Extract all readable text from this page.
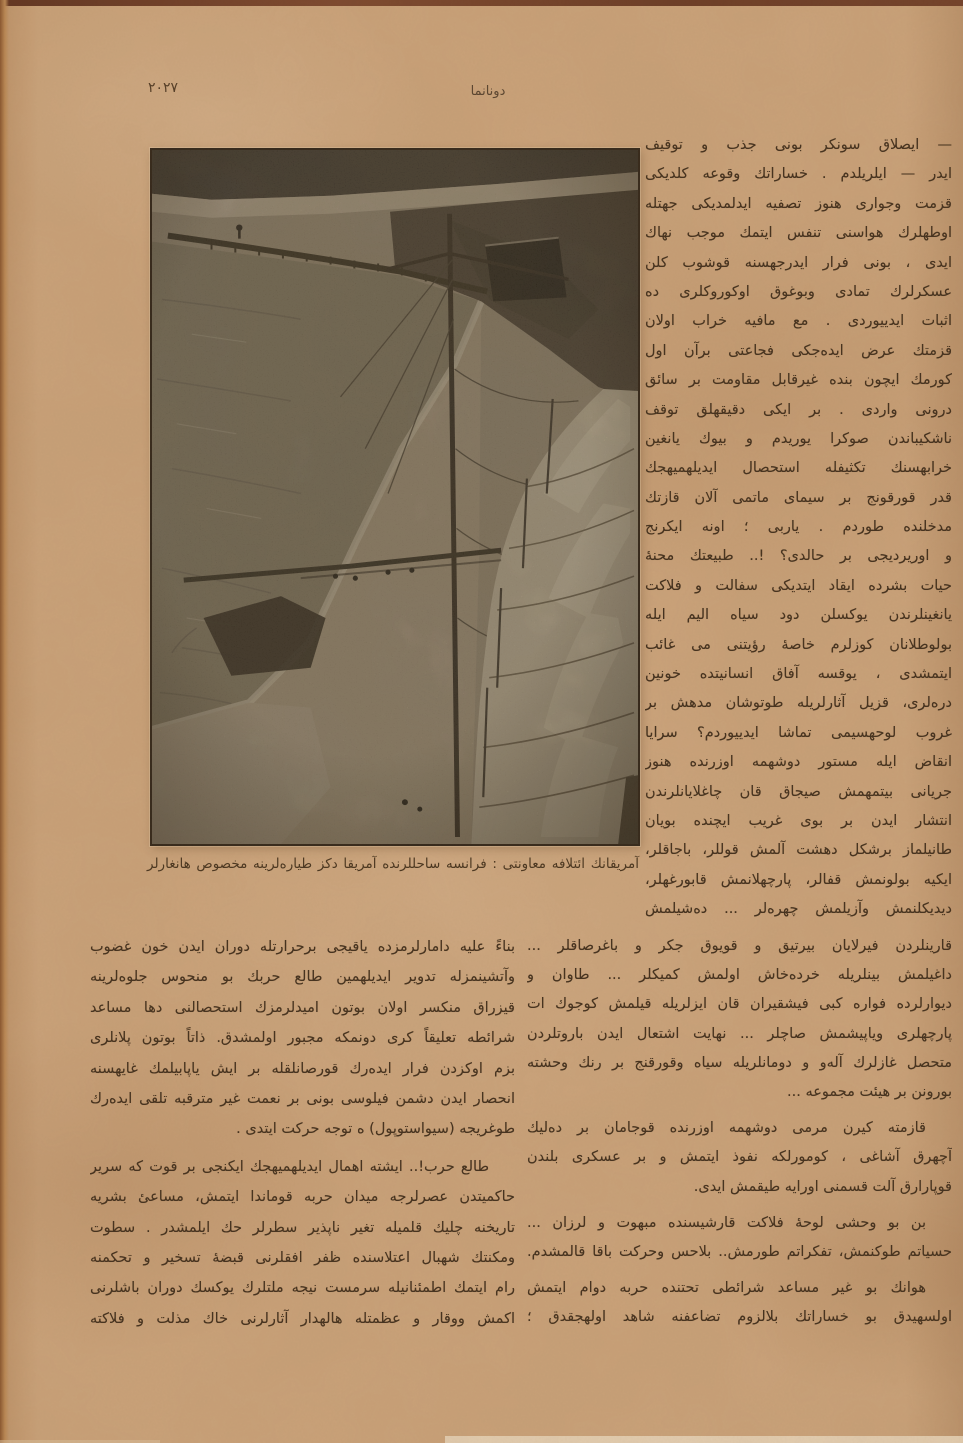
٢٠٢٧	دونانما
آمريقانك ائتلافه معاونتى : فرانسه ساحللرنده آمريقا دكز طيارەلرينه مخصوص هانغارلر
— ايصلاق سونكر بونى جذب و توقيف
ايدر — ايلريلدم . خساراتك وقوعه كلديكى
قزمت وجوارى هنوز تصفيه ايدلمديكى جهتله
اوطهلرك هواسنى تنفس ايتمك موجب نهاك
ايدى ، بونى فرار ايدرجهسنه قوشوب كلن
عسكرلرك تمادى وبوغوق اوكوروكلرى ده
اثبات ايدييوردى . مع مافيه خراب اولان
قزمتك عرض ايدەجكى فجاعتى برآن اول
كورمك ايچون بنده غيرقابل مقاومت بر سائق
درونى واردى . بر ايكى دقيقهلق توقف
ناشكيباندن صوكرا يوريدم و بيوك يانغين
خرابهسنك تكثيفله استحصال ايديلهميهجك
قدر قورقونج بر سيماى ماتمى آلان قازتك
مدخلنده طوردم . ياربى ؛ اونه ايكرنج
و اوريرديجى بر حالدى؟ !.. طبيعتك محنهٔ
حيات بشرده ايقاد ايتديكى سفالت و فلاكت
يانغينلرندن يوكسلن دود سياه اليم ايله
بولوطلانان كوزلرم خاصهٔ رؤيتنى مى غائب
ايتمشدى ، يوقسه آفاق انسانيتده خونين
درەلرى، قزيل آثارلريله طوتوشان مدهش بر
غروب لوحهسيمى تماشا ايدييوردم؟ سرايا
انقاض ايله مستور دوشهمه اوزرنده هنوز
جريانى بيتمهمش صيجاق قان چاغلايانلرندن
انتشار ايدن بر بوى غريب ايچنده بويان
طانيلماز برشكل دهشت آلمش قوللر، باجاقلر،
ايكيه بولونمش قفالر، پارچهلانمش قابورغهلر،
ديديكلنمش وآزيلمش چهرەلر ... دەشيلمش
بناءً عليه دامارلرمزده ياقيجى برحرارتله دوران ايدن خون غضوب
وآتشينمزله تدوير ايديلهمين طالع حربك بو منحوس جلوەلرينه
قيزراق منكسر اولان بوتون اميدلرمزك استحصالنى دها مساعد
شرائطه تعليقاً كرى دونمكه مجبور اولمشدق. ذاتاً بوتون پلانلرى
بزم اوكزدن فرار ايدەرك قورصانلقله بر ايش ياپابيلمك غايهسنه
انحصار ايدن دشمن فيلوسى بونى بر نعمت غير مترقبه تلقى ايدەرك
طوغريجه (سيواستوپول) ه توجه حركت ايتدى .
طالع حرب!.. ايشته اهمال ايديلهميهجك ايكنجى بر قوت كه سرير
حاكميتدن عصرلرجه ميدان حربه قوماندا ايتمش، مساعىٔ بشريه
تاريخنه چليك قلميله تغير ناپذير سطرلر حك ايلمشدر . سطوت
ومكنتك شهبال اعتلاسنده ظفر افقلرنى قبضهٔ تسخير و تحكمنه
رام ايتمك اطمئنانيله سرمست نيجه ملتلرك يوكسك دوران باشلرنى
اكمش ووقار و عظمتله هالهدار آثارلرنى خاك مذلت و فلاكته
قارينلردن فيرلايان بيرتيق و قويوق جكر و باغرصاقلر ...
داغيلمش بينلريله خردەخاش اولمش كميكلر ... طاوان و
ديوارلرده فواره كبى فيشقيران قان ايزلريله قيلمش كوجوك ات
پارچهلرى وياپيشمش صاچلر ... نهايت اشتعال ايدن باروتلردن
متحصل غازلرك آلەو و دومانلريله سياه وقورقنج بر رنك وحشته
بورونن بر هيئت مجموعه ...
قازمته كيرن مرمى دوشهمه اوزرنده قوجامان بر دەليك
آچهرق آشاغى ، كومورلكه نفوذ ايتمش و بر عسكرى بلندن
قوپارارق آلت قسمنى اورايه طيقمش ايدى.
بن بو وحشى لوحهٔ فلاكت قارشيسنده مبهوت و لرزان ...
حسياتم طوكنمش، تفكراتم طورمش.. بلاحس وحركت باقا قالمشدم.
هوانك بو غير مساعد شرائطى تحتنده حربه دوام ايتمش
اولسهيدق بو خساراتك بلالزوم تضاعفنه شاهد اولهجقدق ؛
